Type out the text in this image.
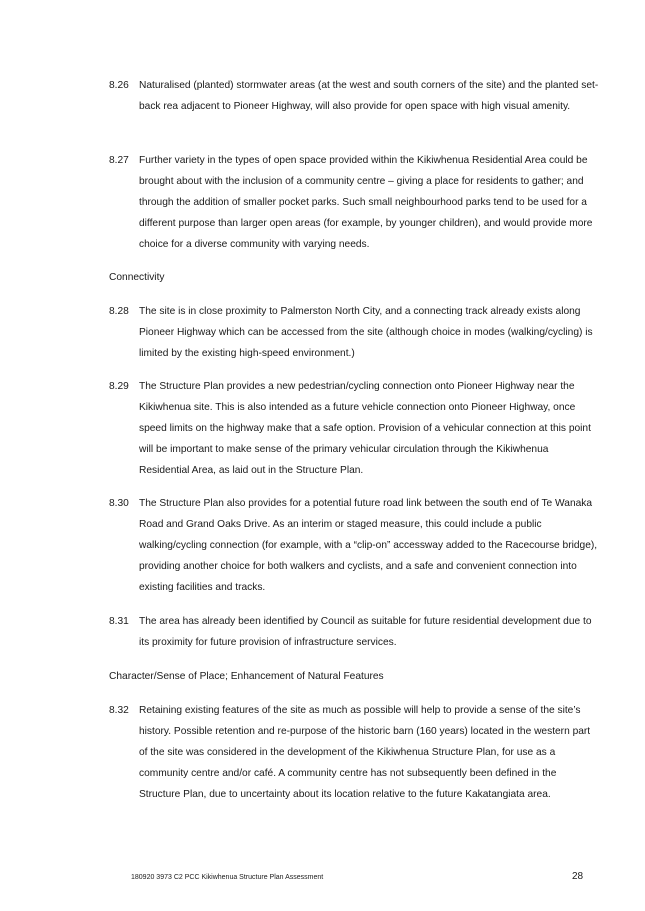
8.26 Naturalised (planted) stormwater areas (at the west and south corners of the site) and the planted set-back rea adjacent to Pioneer Highway, will also provide for open space with high visual amenity.
8.27 Further variety in the types of open space provided within the Kikiwhenua Residential Area could be brought about with the inclusion of a community centre – giving a place for residents to gather; and through the addition of smaller pocket parks. Such small neighbourhood parks tend to be used for a different purpose than larger open areas (for example, by younger children), and would provide more choice for a diverse community with varying needs.
Connectivity
8.28 The site is in close proximity to Palmerston North City, and a connecting track already exists along Pioneer Highway which can be accessed from the site (although choice in modes (walking/cycling) is limited by the existing high-speed environment.)
8.29 The Structure Plan provides a new pedestrian/cycling connection onto Pioneer Highway near the Kikiwhenua site. This is also intended as a future vehicle connection onto Pioneer Highway, once speed limits on the highway make that a safe option. Provision of a vehicular connection at this point will be important to make sense of the primary vehicular circulation through the Kikiwhenua Residential Area, as laid out in the Structure Plan.
8.30 The Structure Plan also provides for a potential future road link between the south end of Te Wanaka Road and Grand Oaks Drive. As an interim or staged measure, this could include a public walking/cycling connection (for example, with a “clip-on” accessway added to the Racecourse bridge), providing another choice for both walkers and cyclists, and a safe and convenient connection into existing facilities and tracks.
8.31 The area has already been identified by Council as suitable for future residential development due to its proximity for future provision of infrastructure services.
Character/Sense of Place; Enhancement of Natural Features
8.32 Retaining existing features of the site as much as possible will help to provide a sense of the site’s history. Possible retention and re-purpose of the historic barn (160 years) located in the western part of the site was considered in the development of the Kikiwhenua Structure Plan, for use as a community centre and/or café. A community centre has not subsequently been defined in the Structure Plan, due to uncertainty about its location relative to the future Kakatangiata area.
180920 3973 C2 PCC Kikiwhenua Structure Plan Assessment	28
